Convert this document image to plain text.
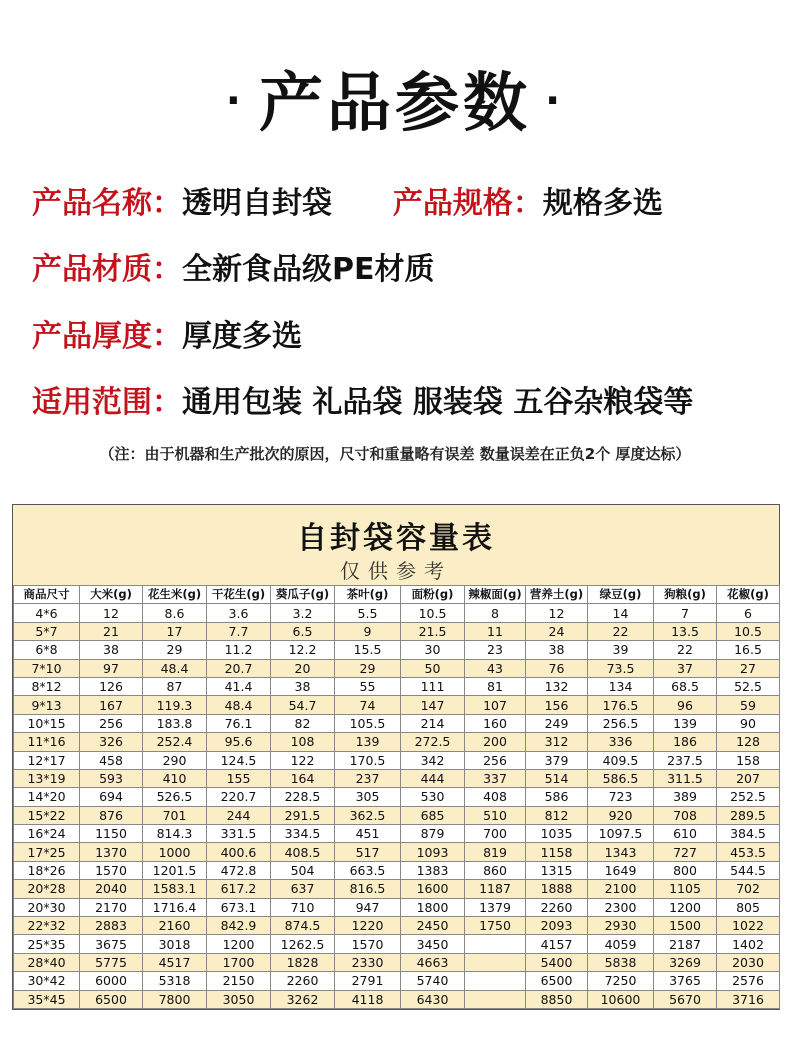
· 产品参数 ·
产品名称：透明自封袋 产品规格：规格多选
产品材质：全新食品级PE材质
产品厚度：厚度多选
适用范围：通用包装 礼品袋 服装袋 五谷杂粮袋等
（注：由于机器和生产批次的原因，尺寸和重量略有误差 数量误差在正负2个 厚度达标）
自封袋容量表
仅供参考
商品尺寸	大米(g)	花生米(g)	干花生(g)	葵瓜子(g)	茶叶(g)	面粉(g)	辣椒面(g)	营养土(g)	绿豆(g)	狗粮(g)	花椒(g)
4*6	12	8.6	3.6	3.2	5.5	10.5	8	12	14	7	6
5*7	21	17	7.7	6.5	9	21.5	11	24	22	13.5	10.5
6*8	38	29	11.2	12.2	15.5	30	23	38	39	22	16.5
7*10	97	48.4	20.7	20	29	50	43	76	73.5	37	27
8*12	126	87	41.4	38	55	111	81	132	134	68.5	52.5
9*13	167	119.3	48.4	54.7	74	147	107	156	176.5	96	59
10*15	256	183.8	76.1	82	105.5	214	160	249	256.5	139	90
11*16	326	252.4	95.6	108	139	272.5	200	312	336	186	128
12*17	458	290	124.5	122	170.5	342	256	379	409.5	237.5	158
13*19	593	410	155	164	237	444	337	514	586.5	311.5	207
14*20	694	526.5	220.7	228.5	305	530	408	586	723	389	252.5
15*22	876	701	244	291.5	362.5	685	510	812	920	708	289.5
16*24	1150	814.3	331.5	334.5	451	879	700	1035	1097.5	610	384.5
17*25	1370	1000	400.6	408.5	517	1093	819	1158	1343	727	453.5
18*26	1570	1201.5	472.8	504	663.5	1383	860	1315	1649	800	544.5
20*28	2040	1583.1	617.2	637	816.5	1600	1187	1888	2100	1105	702
20*30	2170	1716.4	673.1	710	947	1800	1379	2260	2300	1200	805
22*32	2883	2160	842.9	874.5	1220	2450	1750	2093	2930	1500	1022
25*35	3675	3018	1200	1262.5	1570	3450		4157	4059	2187	1402
28*40	5775	4517	1700	1828	2330	4663		5400	5838	3269	2030
30*42	6000	5318	2150	2260	2791	5740		6500	7250	3765	2576
35*45	6500	7800	3050	3262	4118	6430		8850	10600	5670	3716
